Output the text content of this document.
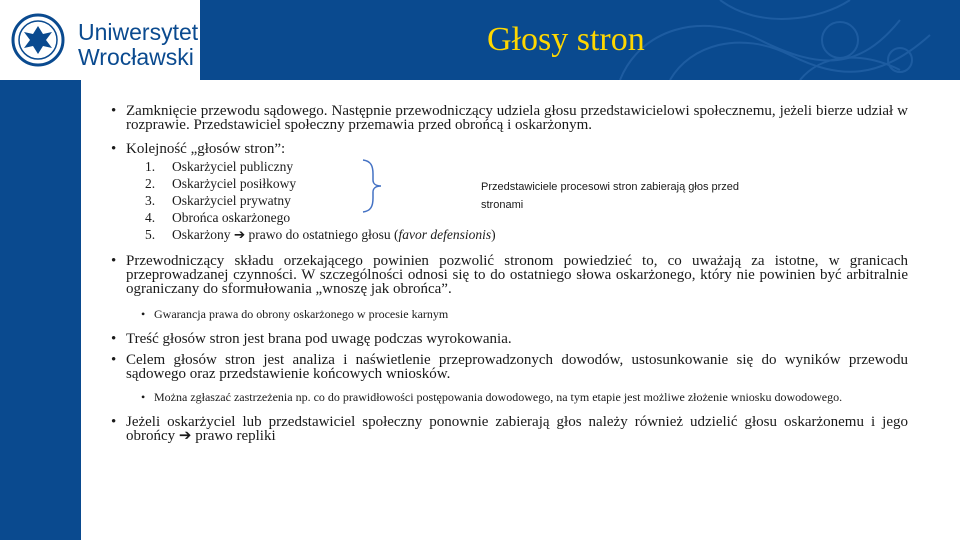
Uniwersytet
Wrocławski	Głosy stron
• Zamknięcie przewodu sądowego. Następnie przewodniczący udziela głosu przedstawicielowi społecznemu, jeżeli bierze udział w rozprawie. Przedstawiciel społeczny przemawia przed obrońcą i oskarżonym.
• Kolejność „głosów stron”:
1.	Oskarżyciel publiczny
2.	Oskarżyciel posiłkowy
3.	Oskarżyciel prywatny
4.	Obrońca oskarżonego
5.	Oskarżony ➔ prawo do ostatniego głosu (favor defensionis)
Przedstawiciele procesowi stron zabierają głos przed stronami
• Przewodniczący składu orzekającego powinien pozwolić stronom powiedzieć to, co uważają za istotne, w granicach przeprowadzanej czynności. W szczególności odnosi się to do ostatniego słowa oskarżonego, który nie powinien być arbitralnie ograniczany do sformułowania „wnoszę jak obrońca”.
• Gwarancja prawa do obrony oskarżonego w procesie karnym
• Treść głosów stron jest brana pod uwagę podczas wyrokowania.
• Celem głosów stron jest analiza i naświetlenie przeprowadzonych dowodów, ustosunkowanie się do wyników przewodu sądowego oraz przedstawienie końcowych wniosków.
• Można zgłaszać zastrzeżenia np. co do prawidłowości postępowania dowodowego, na tym etapie jest możliwe złożenie wniosku dowodowego.
• Jeżeli oskarżyciel lub przedstawiciel społeczny ponownie zabierają głos należy również udzielić głosu oskarżonemu i jego obrońcy ➔ prawo repliki
